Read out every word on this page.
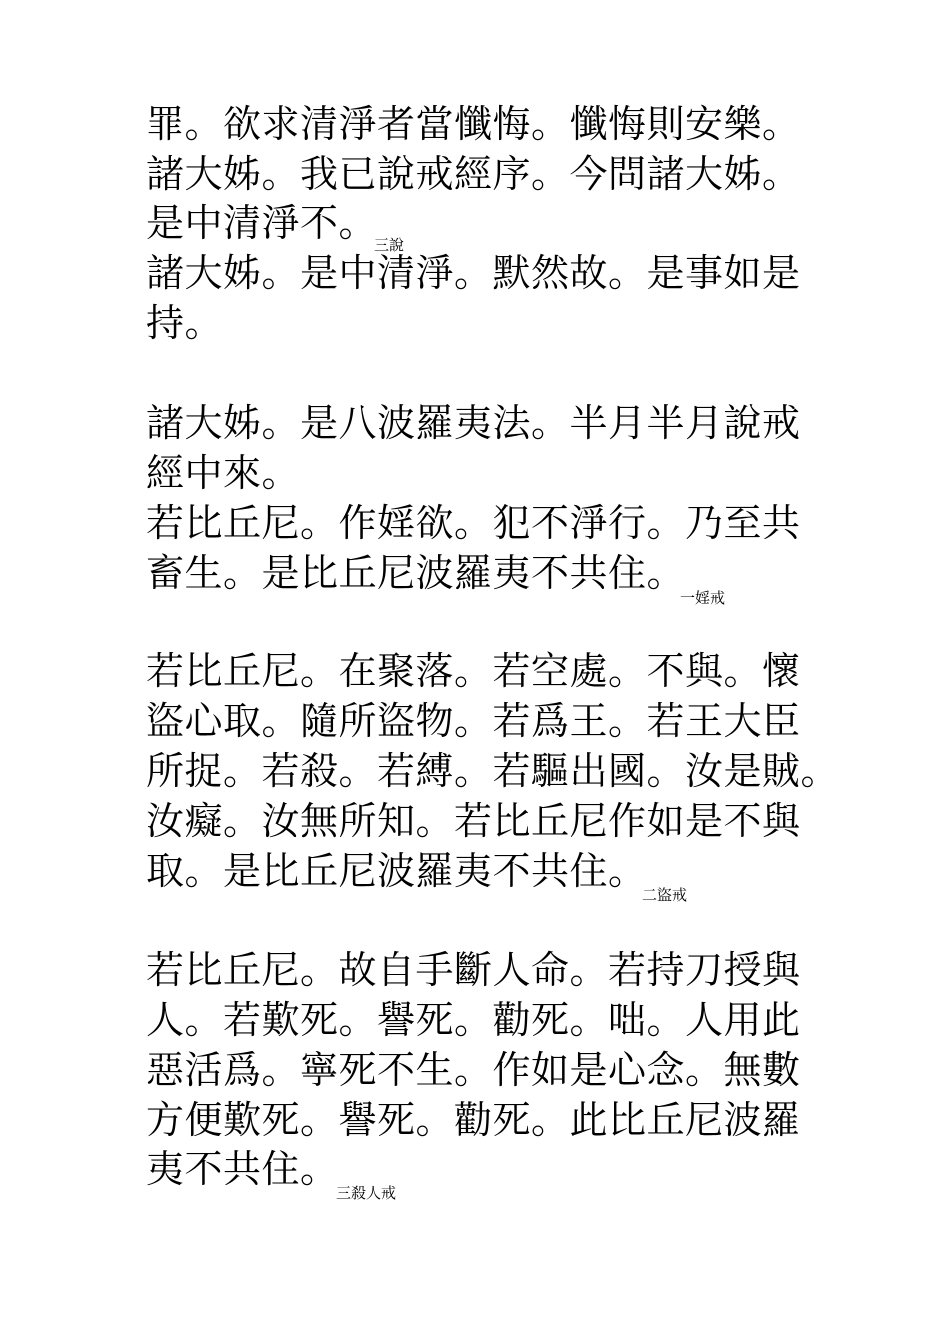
罪。欲求清淨者當懺悔。懺悔則安樂。
諸大姊。我已說戒經序。今問諸大姊。
是中清淨不。
三說
諸大姊。是中清淨。默然故。是事如是
持。
諸大姊。是八波羅夷法。半月半月說戒
經中來。
若比丘尼。作婬欲。犯不淨行。乃至共
畜生。是比丘尼波羅夷不共住。
一婬戒
若比丘尼。在聚落。若空處。不與。懷
盜心取。隨所盜物。若爲王。若王大臣
所捉。若殺。若縛。若驅出國。汝是賊。
汝癡。汝無所知。若比丘尼作如是不與
取。是比丘尼波羅夷不共住。
二盜戒
若比丘尼。故自手斷人命。若持刀授與
人。若歎死。譽死。勸死。咄。人用此
惡活爲。寧死不生。作如是心念。無數
方便歎死。譽死。勸死。此比丘尼波羅
夷不共住。
三殺人戒
